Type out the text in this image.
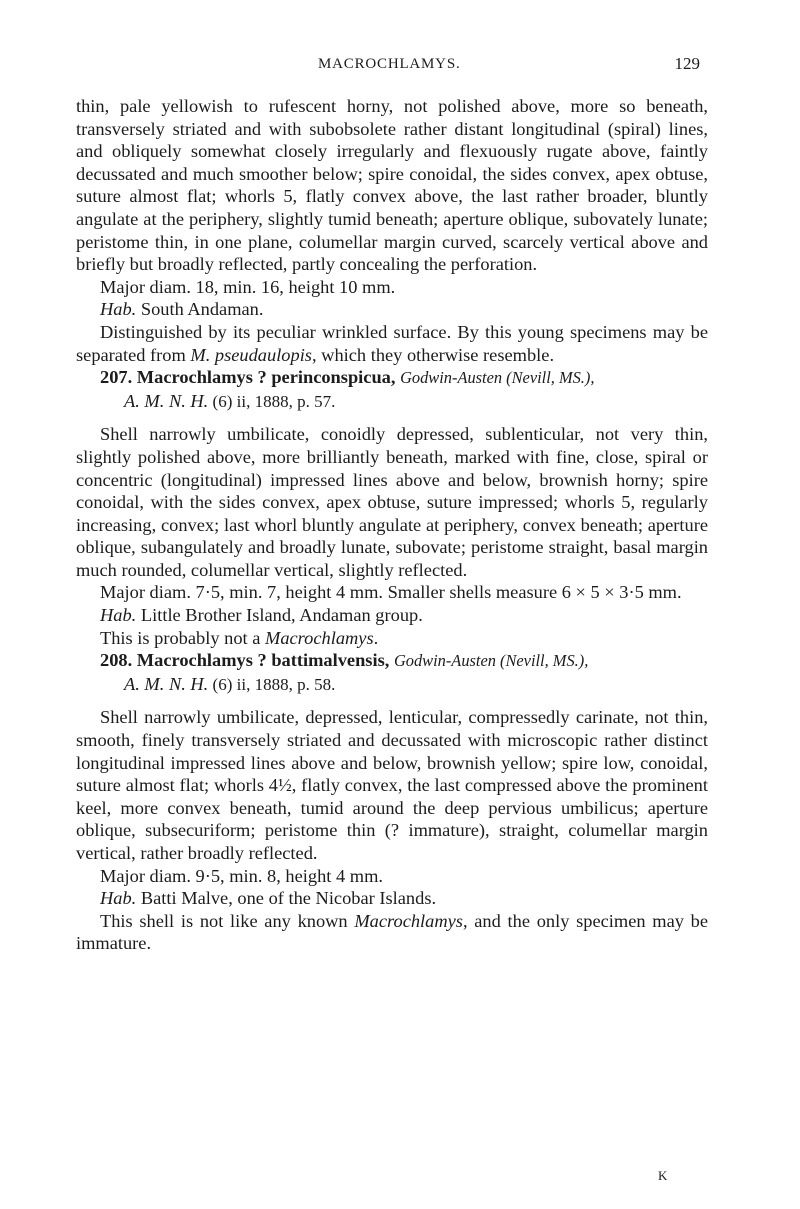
MACROCHLAMYS.	129

thin, pale yellowish to rufescent horny, not polished above, more so beneath, transversely striated and with subobsolete rather distant longitudinal (spiral) lines, and obliquely somewhat closely irregularly and flexuously rugate above, faintly decussated and much smoother below; spire conoidal, the sides convex, apex obtuse, suture almost flat; whorls 5, flatly convex above, the last rather broader, bluntly angulate at the periphery, slightly tumid beneath; aperture oblique, subovately lunate; peristome thin, in one plane, columellar margin curved, scarcely vertical above and briefly but broadly reflected, partly concealing the perforation.

Major diam. 18, min. 16, height 10 mm.

Hab. South Andaman.

Distinguished by its peculiar wrinkled surface. By this young specimens may be separated from M. pseudaulopis, which they otherwise resemble.

207. Macrochlamys ? perinconspicua, Godwin-Austen (Nevill, MS.),
A. M. N. H. (6) ii, 1888, p. 57.

Shell narrowly umbilicate, conoidly depressed, sublenticular, not very thin, slightly polished above, more brilliantly beneath, marked with fine, close, spiral or concentric (longitudinal) impressed lines above and below, brownish horny; spire conoidal, with the sides convex, apex obtuse, suture impressed; whorls 5, regularly increasing, convex; last whorl bluntly angulate at periphery, convex beneath; aperture oblique, subangulately and broadly lunate, subovate; peristome straight, basal margin much rounded, columellar vertical, slightly reflected.

Major diam. 7·5, min. 7, height 4 mm. Smaller shells measure 6 × 5 × 3·5 mm.

Hab. Little Brother Island, Andaman group.

This is probably not a Macrochlamys.

208. Macrochlamys ? battimalvensis, Godwin-Austen (Nevill, MS.),
A. M. N. H. (6) ii, 1888, p. 58.

Shell narrowly umbilicate, depressed, lenticular, compressedly carinate, not thin, smooth, finely transversely striated and decussated with microscopic rather distinct longitudinal impressed lines above and below, brownish yellow; spire low, conoidal, suture almost flat; whorls 4½, flatly convex, the last compressed above the prominent keel, more convex beneath, tumid around the deep pervious umbilicus; aperture oblique, subsecuriform; peristome thin (? immature), straight, columellar margin vertical, rather broadly reflected.

Major diam. 9·5, min. 8, height 4 mm.

Hab. Batti Malve, one of the Nicobar Islands.

This shell is not like any known Macrochlamys, and the only specimen may be immature.

K
